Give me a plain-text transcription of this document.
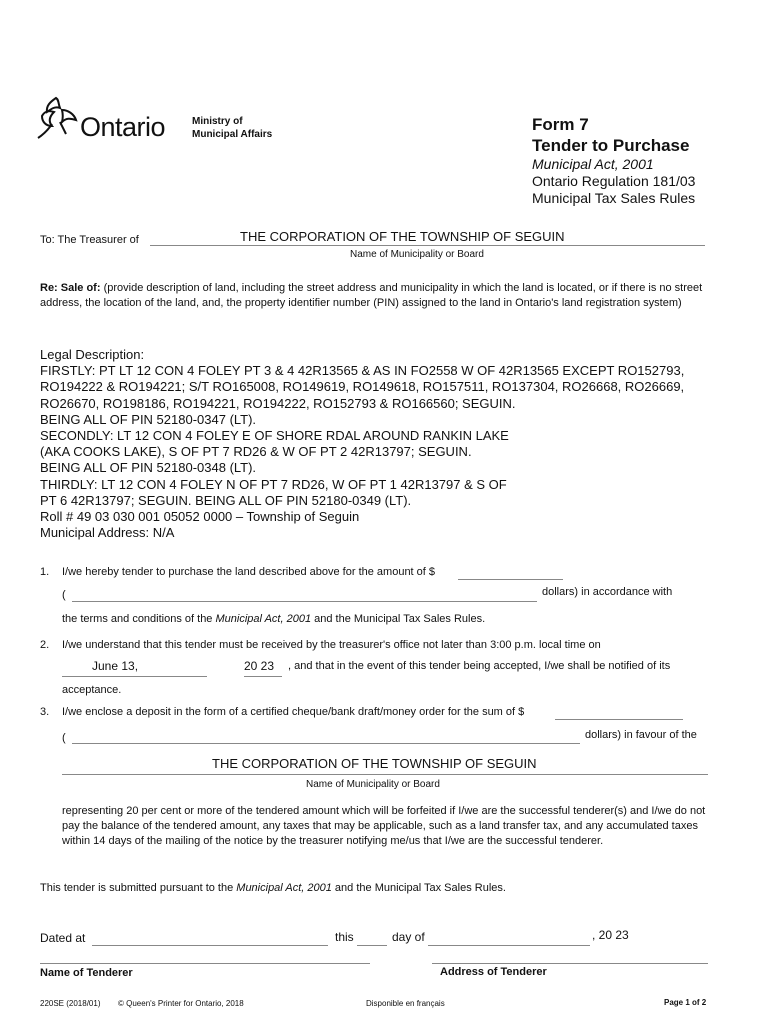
Ontario	Ministry of
Municipal Affairs
Form 7
Tender to Purchase
Municipal Act, 2001
Ontario Regulation 181/03
Municipal Tax Sales Rules
To: The Treasurer of	THE CORPORATION OF THE TOWNSHIP OF SEGUIN
Name of Municipality or Board
Re: Sale of: (provide description of land, including the street address and municipality in which the land is located, or if there is no street address, the location of the land, and, the property identifier number (PIN) assigned to the land in Ontario's land registration system)
Legal Description:
FIRSTLY: PT LT 12 CON 4 FOLEY PT 3 & 4 42R13565 & AS IN FO2558 W OF 42R13565 EXCEPT RO152793,
RO194222 & RO194221; S/T RO165008, RO149619, RO149618, RO157511, RO137304, RO26668, RO26669,
RO26670, RO198186, RO194221, RO194222, RO152793 & RO166560; SEGUIN.
BEING ALL OF PIN 52180-0347 (LT).
SECONDLY: LT 12 CON 4 FOLEY E OF SHORE RDAL AROUND RANKIN LAKE
(AKA COOKS LAKE), S OF PT 7 RD26 & W OF PT 2 42R13797; SEGUIN.
BEING ALL OF PIN 52180-0348 (LT).
THIRDLY: LT 12 CON 4 FOLEY N OF PT 7 RD26, W OF PT 1 42R13797 & S OF
PT 6 42R13797; SEGUIN. BEING ALL OF PIN 52180-0349 (LT).
Roll # 49 03 030 001 05052 0000 – Township of Seguin
Municipal Address: N/A
1. I/we hereby tender to purchase the land described above for the amount of $
(	dollars) in accordance with
the terms and conditions of the Municipal Act, 2001 and the Municipal Tax Sales Rules.
2. I/we understand that this tender must be received by the treasurer's office not later than 3:00 p.m. local time on
June 13,	20 23 , and that in the event of this tender being accepted, I/we shall be notified of its
acceptance.
3. I/we enclose a deposit in the form of a certified cheque/bank draft/money order for the sum of $
(	dollars) in favour of the
THE CORPORATION OF THE TOWNSHIP OF SEGUIN
Name of Municipality or Board
representing 20 per cent or more of the tendered amount which will be forfeited if I/we are the successful tenderer(s) and I/we do not pay the balance of the tendered amount, any taxes that may be applicable, such as a land transfer tax, and any accumulated taxes within 14 days of the mailing of the notice by the treasurer notifying me/us that I/we are the successful tenderer.
This tender is submitted pursuant to the Municipal Act, 2001 and the Municipal Tax Sales Rules.
Dated at	this	day of	, 20 23
Name of Tenderer	Address of Tenderer
220SE (2018/01) © Queen's Printer for Ontario, 2018	Disponible en français	Page 1 of 2
